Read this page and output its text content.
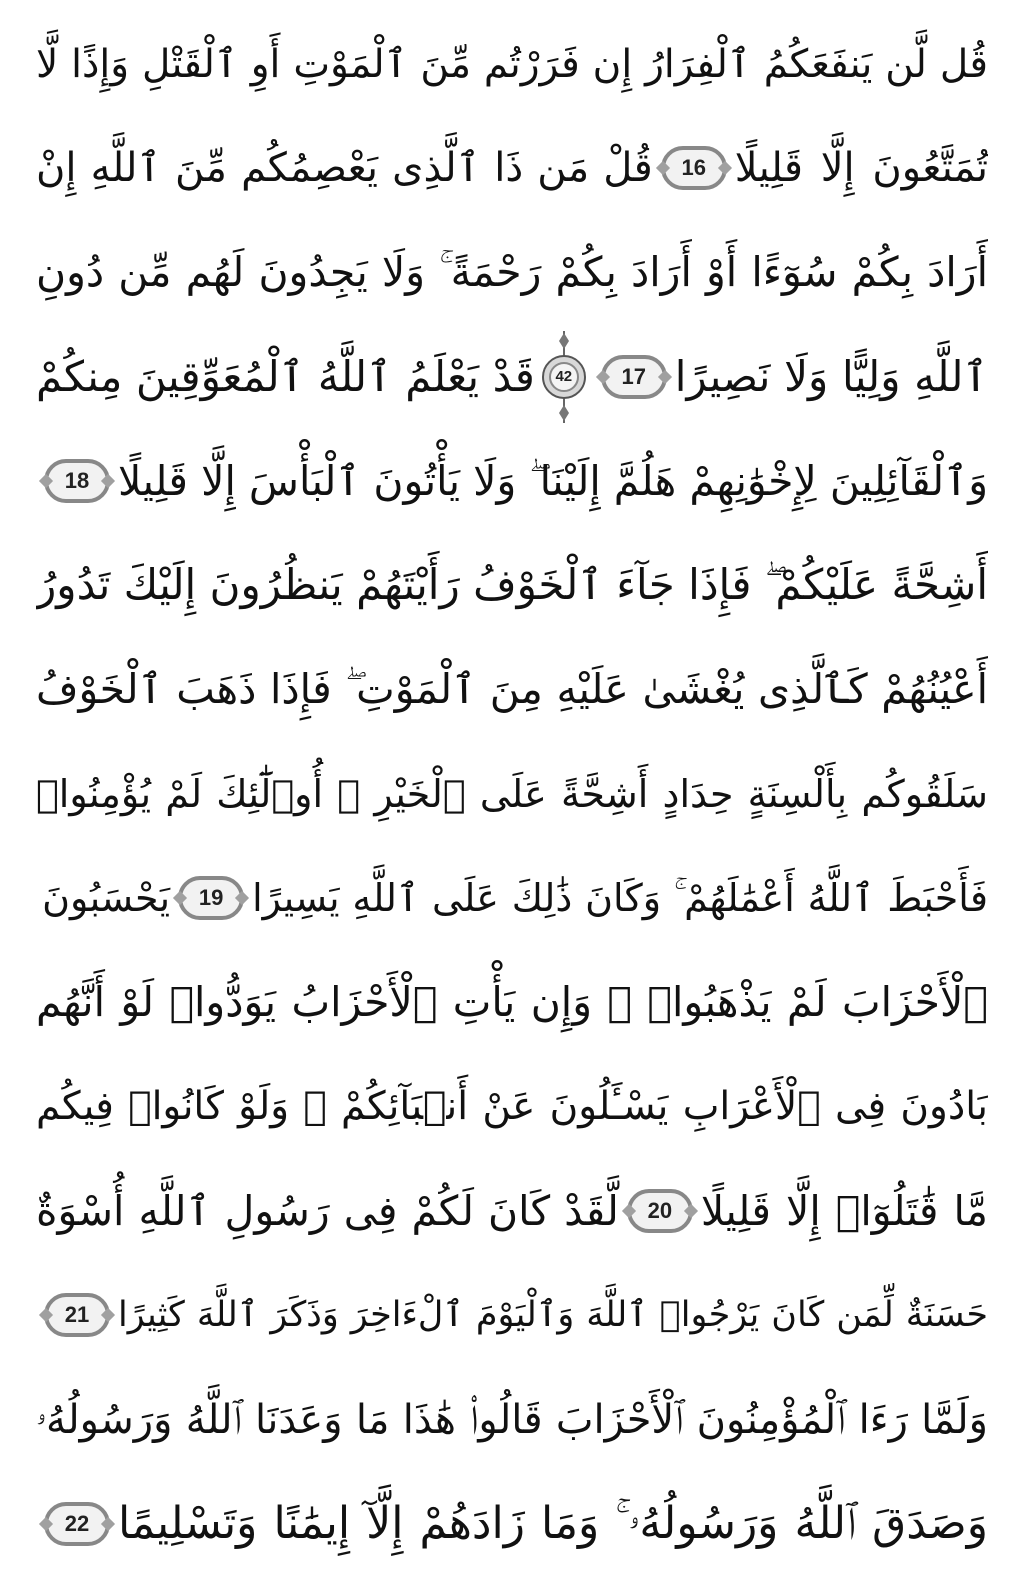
قُل لَّن يَنفَعَكُمُ ٱلْفِرَارُ إِن فَرَرْتُم مِّنَ ٱلْمَوْتِ أَوِ ٱلْقَتْلِ وَإِذًا لَّا
تُمَتَّعُونَ إِلَّا قَلِيلًا
16
قُلْ مَن ذَا ٱلَّذِى يَعْصِمُكُم مِّنَ ٱللَّهِ إِنْ
أَرَادَ بِكُمْ سُوٓءًا أَوْ أَرَادَ بِكُمْ رَحْمَةً ۚ وَلَا يَجِدُونَ لَهُم مِّن دُونِ
ٱللَّهِ وَلِيًّا وَلَا نَصِيرًا
17
42
قَدْ يَعْلَمُ ٱللَّهُ ٱلْمُعَوِّقِينَ مِنكُمْ
وَٱلْقَآئِلِينَ لِإِخْوَٰنِهِمْ هَلُمَّ إِلَيْنَا ۖ وَلَا يَأْتُونَ ٱلْبَأْسَ إِلَّا قَلِيلًا
18
أَشِحَّةً عَلَيْكُمْ ۖ فَإِذَا جَآءَ ٱلْخَوْفُ رَأَيْتَهُمْ يَنظُرُونَ إِلَيْكَ تَدُورُ
أَعْيُنُهُمْ كَٱلَّذِى يُغْشَىٰ عَلَيْهِ مِنَ ٱلْمَوْتِ ۖ فَإِذَا ذَهَبَ ٱلْخَوْفُ
سَلَقُوكُم بِأَلْسِنَةٍ حِدَادٍ أَشِحَّةً عَلَى ٱلْخَيْرِ ۚ أُو۟لَٰٓئِكَ لَمْ يُؤْمِنُوا۟
فَأَحْبَطَ ٱللَّهُ أَعْمَٰلَهُمْ ۚ وَكَانَ ذَٰلِكَ عَلَى ٱللَّهِ يَسِيرًا
19
يَحْسَبُونَ
ٱلْأَحْزَابَ لَمْ يَذْهَبُوا۟ ۖ وَإِن يَأْتِ ٱلْأَحْزَابُ يَوَدُّوا۟ لَوْ أَنَّهُم
بَادُونَ فِى ٱلْأَعْرَابِ يَسْـَٔلُونَ عَنْ أَنۢبَآئِكُمْ ۖ وَلَوْ كَانُوا۟ فِيكُم
مَّا قَٰتَلُوٓا۟ إِلَّا قَلِيلًا
20
لَّقَدْ كَانَ لَكُمْ فِى رَسُولِ ٱللَّهِ أُسْوَةٌ
حَسَنَةٌ لِّمَن كَانَ يَرْجُوا۟ ٱللَّهَ وَٱلْيَوْمَ ٱلْءَاخِرَ وَذَكَرَ ٱللَّهَ كَثِيرًا
21
وَلَمَّا رَءَا ٱلْمُؤْمِنُونَ ٱلْأَحْزَابَ قَالُوا۟ هَٰذَا مَا وَعَدَنَا ٱللَّهُ وَرَسُولُهُۥ
وَصَدَقَ ٱللَّهُ وَرَسُولُهُۥ ۚ وَمَا زَادَهُمْ إِلَّآ إِيمَٰنًا وَتَسْلِيمًا
22
